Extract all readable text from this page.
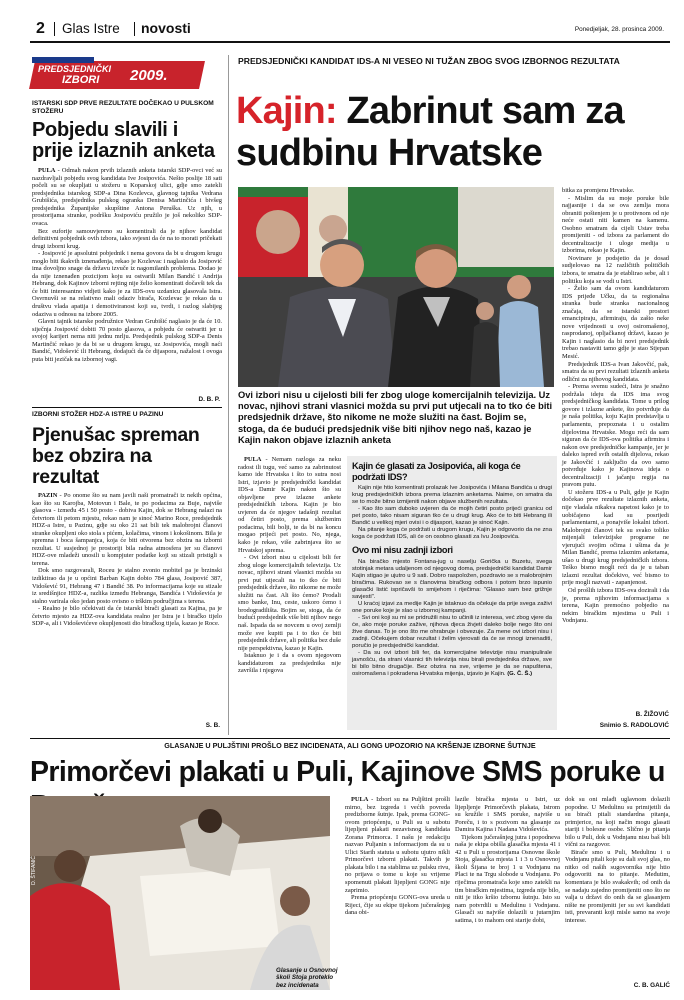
2 Glas Istre novosti	Ponedjeljak, 28. prosinca 2009.
PREDSJEDNIČKI
IZBORI 2009.
ISTARSKI SDP PRVE REZULTATE DOČEKAO U PULSKOM STOŽERU
Pobjedu slavili i prije izlaznih anketa

PULA - Odmah nakon prvih izlaznih anketa istarski SDP-ovci već su nazdravljali pobjedu svog kandidata Ive Josipovića. Nešto poslije 18 sati počeli su se okupljati u stožeru u Koparskoj ulici, gdje smo zatekli predsjednika istarskog SDP-a Dina Kozlevca, glavnog tajnika Vedrana Grubišića, predsjednika pulskog ogranka Denisa Martinčića i bivšeg predsjednika Županijske skupštine Antona Peruška. Uz njih, u prostorijama stranke, podršku Josipoviću pružilo je još nekoliko SDP-ovaca.

Bez euforije samouvjereno su komentirali da je njihov kandidat definitivni pobjednik ovih izbora, iako svjesni da će na to morati pričekati drugi izborni krug.

- Josipović je apsolutni pobjednik i nema govora da bi u drugom krugu moglo biti ikakvih iznenađenja, rekao je Kozlevac i naglasio da Josipović ima dovoljno snage da državu izvuče iz nagomilanih problema. Dodao je da nije iznenađen pozicijom koju su ostvarili Milan Bandić i Andrija Hebrang, dok Kajinov izborni rejting nije želio komentirati dočavši tek da će biti interesantno vidjeti kako je za IDS-ovu uzdanicu glasovala Istra. Osvrnuvši se na relativno mali odaziv birača, Kozlevac je rekao da u društvu vlada apatija i demotiviranost koji su, tvrdi, i razlog slabijeg odaziva u odnosu na izbore 2005.

Glavni tajnik istarske podružnice Vedran Grubišić naglasio je da će 10. siječnja Josipović dobiti 70 posto glasova, a pobjedu će ostvariti jer u svojoj karijeri nema niti jednu mrlju. Predsjednik pulskog SDP-a Denis Martinčić rekao je da bi se u drugom krugu, uz Josipovića, mogli naći Bandić, Vidošević ili Hebrang, dodajući da će dijaspora, nažalost i ovoga puta biti jezičak na izbornoj vagi.

D. B. P.
IZBORNI STOŽER HDZ-A ISTRE U PAZINU
Pjenušac spreman bez obzira na rezultat

PAZIN - Po onome što su nam javili naši promatrači iz nekih općina, kao što su Karojba, Motovun i Bale, te po podacima za Buje, najviše glasova - između 45 i 50 posto - dobiva Kajin, dok se Hebrang nalazi na četvrtom ili petom mjestu, rekao nam je sinoć Marino Roce, predsjednik HDZ-a Istre, u Pazinu, gdje su oko 21 sat bili tek malobrojni članovi stranke okupljeni oko stola s pićem, kolačima, vinom i kokošinom. Bila je spremna i boca šampanjca, koja će biti otvorena bez obzira na izborni rezultat. U susjednoj je prostoriji bila radna atmosfera jer su članovi HDZ-ove mladeži unosili u kompjuter podatke koji su stizali pristigli s terena.

Dok smo razgovarali, Roceu je stalno zvonio mobitel pa je brzinski izdiktirao da je u općini Barban Kajin dobio 784 glasa, Josipović 387, Vidošević 91, Hebrang 47 i Bandić 38. Po informacijama koje su stizale iz središnjice HDZ-a, razlika između Hebranga, Bandića i Vidoševića je stalno varirala oko jedan posto ovisno o trškim područjima s terena.

- Realno je bilo očekivati da će istarski birači glasati za Kajina, pa je četvrto mjesto za HDZ-ova kandidata realno jer Istra je i biračko tijelo SDP-a, ali i Vidoševićeve okupljenosti dio biračkog tijela, kazao je Roce.

S. B.
PREDSJEDNIČKI KANDIDAT IDS-A NI VESEO NI TUŽAN ZBOG SVOG IZBORNOG REZULTATA
Kajin: Zabrinut sam za sudbinu Hrvatske
Ovi izbori nisu u cijelosti bili fer zbog uloge komercijalnih televizija. Uz novac, njihovi strani vlasnici možda su prvi put utjecali na to tko će biti predsjednik države, što nikome ne može služiti na čast. Bojim se, stoga, da će budući predsjednik više biti njihov nego naš, kazao je Kajin nakon objave izlaznih anketa

PULA - Nemam razloga za neku radost ili tugu, već samo za zabrinutost kamo ide Hrvatska i što to sutra nosi Istri, izjavio je predsjednički kandidat IDS-a Damir Kajin nakon što su objavljene prve izlazne ankete predsjedničkih izbora. Kajin je bio uvjeren da će njegov tadašnji rezultat od četiri posto, prema službenim podacima, bili bolji, te da bi na koncu mogao prijeći pet posto. No, njega, kako je rekao, više zabrinjava što se Hrvatskoj sprema.

- Ovi izbori nisu u cijelosti bili fer zbog uloge komercijalnih televizija. Uz novac, njihovi strani vlasnici možda su prvi put utjecali na to tko će biti predsjednik države, što nikome ne može služiti na čast. Ali što ćemo? Prodali smo banke, Inu, ceste, uskoro ćemo i brodogradilišta. Bojim se, stoga, da će budući predsjednik više biti njihov nego naš. Ispada da se novcem u ovoj zemlji može sve kupiti pa i to tko će biti predsjednik države, ali politika bez duše nije perspektivna, kazao je Kajin.

Istaknuo je i da s ovom njegovom kandidaturom za predsjednika nije završila i njegova

Kajin će glasati za Josipovića, ali koga će podržati IDS?

Kajin nije htio komentirati prolazak Ive Josipovića i Milana Bandića u drugi krug predsjedničkih izbora prema izlaznim anketama. Naime, on smatra da se to može bitno izmijeniti nakon objave službenih rezultata.

- Kao što sam duboko uvjeren da će mojih četiri posto prijeći granicu od pet posto, tako nisam siguran tko će u drugi krug. Ako će to biti Hebrang ili Bandić u velikoj mjeri ovisi i o dijaspori, kazao je sinoć Kajin.

Na pitanje koga će podržati u drugom krugu, Kajin je odgovorio da ne zna koga će podržati IDS, ali će on osobno glasati za Ivu Josipovića.

Ovo mi nisu zadnji izbori

Na biračko mjesto Fontana-jug u naselju Gorička u Buzetu, svega stotinjak metara udaljenom od njegovog doma, predsjednički kandidat Damir Kajin stigao je ujutro u 9 sati. Dobro raspoložen, pozdravio se s malobrojnim biračima. Rukovao se s članovima biračkog odbora i potom brzo ispunio glasački listić ispričavši to smijehom i riječima: "Glasao sam bez grižnje savjesti".

U kraćoj izjavi za medije Kajin je istaknuo da očekuje da prije svega zaživi one poruke koje je slao u izbornoj kampanji.

- Svi oni koji su mi se pridružili nisu to učinili iz interesa, već zbog vjere da će, ako moje poruke zažive, njihova djeca živjeti daleko bolje nego što oni žive danas. To je ono što me ohrabruje i obvezuje. Za mene ovi izbori nisu i zadnji. Očekujem dobar rezultat i želim vjerovati da će se mnogi iznenaditi, poručio je predsjednički kandidat.

- Da su ovi izbori bili fer, da komercijalne televizije nisu manipulirale javnošću, da strani vlasnici tih televizija nisu birali predsjednika države, sve bi bilo bitno drugačije. Bez obzira na sve, vrijeme je da se napuštena, osiromašena i pokradena Hrvatska mijenja, izjavio je Kajin. (G. Č. Š.)

bitka za promjenu Hrvatske.

- Mislim da su moje poruke bile najjasnije i da se ova zemlja mora obraniti poštenjem je u protivnom od nje neće ostati niti kamen na kamenu. Osobno smatram da cijeli Ustav treba promijeniti - od izbora za parlament do decentralizacije i uloge medija u izborima, rekao je Kajin.

Novinare je podsjetio da je dosad sudjelovao na 12 različitih političkih izbora, te smatra da je etablirao sebe, ali i politiku koja se vodi u Istri.

- Želio sam da ovom kandidaturom IDS prijeđe Učku, da ta regionalna stranka bude stranka nacionalnog značaja, da se istarski prostori emancipiraju, afirmiraju, da zašto neke nove vrijednosti u ovoj osiromašenoj, rasprodanoj, opljačkanoj državi, kazao je Kajin i naglasio da bi novi predsjednik trebao nastaviti tamo gdje je stao Stjepan Mesić.

Predsjednik IDS-a Ivan Jakovčić, pak, smatra da su prvi rezultati izlaznih anketa odlični za njihovog kandidata.

- Prema svemu sudeći, Istra je snažno podržala ideju da IDS ima svog predsjedničkog kandidata. Tome u prilog govore i izlazne ankete, što potvrđuje da je naša politika, koju Kajin predstavlja u parlamentu, prepoznata i u ostalim dijelovima Hrvatske. Mogu reći da sam siguran da će IDS-ova politika afirmira i nakon ove predsjedničke kampanje, jer je daleko ispred svih ostalih dijelova, rekao je Jakovčić i zaključio da ovo samo potvrđuje kako je Kajinova ideja o decentralizaciji i jačanju regija na pravom putu.

U stožeru IDS-a u Puli, gdje je Kajin dočekao prve rezultate izlaznih anketa, nije vladala nikakva napetost kako je to uobičajeno kad su posrijedi parlamentarni, a ponajviše lokalni izbori. Malobrojni članovi tek su svako toliko mijenjali televizijske programe ne vjerujući svojim očima i ušima da je Milan Bandić, prema izlaznim anketama, ušao u drugi krug predsjedničkih izbora. Teško bismo mogli reći da je u taban izlazni rezultat dočekivo, već bismo to prije mogli nazvati - zapanjenost.

Od prošlih izbora IDS-ova dozirali i da je, prema njihovim informacijama s terena, Kajin premoćno pobjedio na nekim biračkim mjestima u Puli i Vodnjanu.

B. ŽIŽOVIĆ
Snimio S. RADOLOVIĆ
GLASANJE U PULJŠTINI PROŠLO BEZ INCIDENATA, ALI GONG UPOZORIO NA KRŠENJE IZBORNE ŠUTNJE
Primorčevi plakati u Puli, Kajinove SMS poruke u
D. ŠTIFANIĆ
Glasanje u Osnovnoj školi Stoja proteklo bez incidenata

PULA - Izbori su na Puljštini prošli mirno, bez izgreda i većih povreda predizborne šutnje. Ipak, prema GONG-ovom priopćenju, u Puli su u subotu lijepljeni plakati nezavisnog kandidata Zorana Primorca. I našu je redakciju nazvao Puljanin s informacijom da su u Ulici Starih statuta u subotu ujutro nikli Primorčevi izborni plakati. Takvih je plakata bilo i na stablima uz pulsku rivu, no prijava o tome u koje su vrijeme spomenuti plakati lijepljeni GONG nije zaprimio.

Prema priopćenju GONG-ova ureda u Rijeci, čije su ekipe tijekom jučerašnjeg dana obi-

lazile biračka mjesta u Istri, uz lijepljenje Primorčevih plakata, Istrom su kružile i SMS poruke, najviše u Poreču, i to s pozivom na glasanje za Damira Kajina i Nadana Vidoševića.

Tijekom jučerašnjeg jutra i popodneva naša je ekipa obišla glasačka mjesta 41 i 42 u Puli u prostorijama Osnovne škole Stoja, glasačka mjesta 1 i 3 u Osnovnoj školi Šijana te broj 1 u Vodnjanu na Placi te na Trgu slobode u Vodnjanu. Po riječima promatrača koje smo zatekli na tim biračkim mjestima, izgreda nije bilo, niti je itko kršio izbornu šutnju. Isto su nam potvrdili u Medulinu i Vodnjanu. Glasači su najviše dolazili u jutarnjim satima, i to mahom oni starije dobi,

dok su oni mlađi uglavnom dolazili popodne. U Medulinu su primijetili da su birači pitali standardna pitanja, primjerice, na koji način mogu glasati stariji i bolesne osobe. Slično je pitanja bilo u Puli, dok u Vodnjanu nisu baš bili vični za razgovor.

Birače smo u Puli, Medulinu i u Vodnjanu pitali koje su dali svoj glas, no nitko od naših sugovornika nije htio odgovoriti na to pitanje. Međutim, komentara je bilo svakakvih; od onih da se nadaju zajedno promijeniti ono što ne valja u državi do onih da se glasanjem nište ne promijeniti jer su svi kandidati isti, prevaranti koji misle samo na svoje interese.

C. B. GALIĆ
